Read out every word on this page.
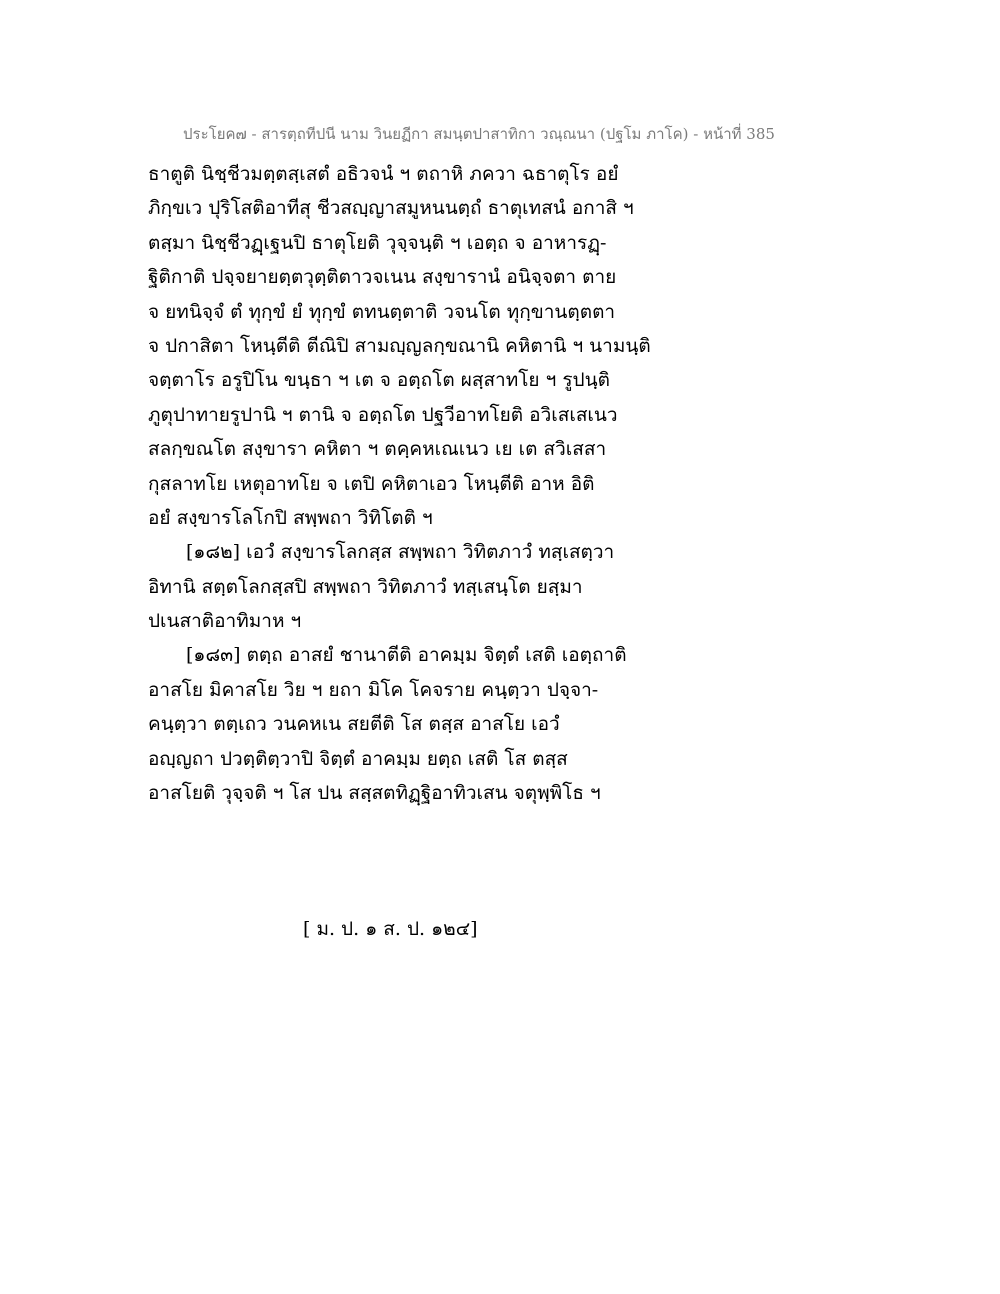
ประโยค๗ - สารตฺถทีปนี นาม วินยฏีกา สมนฺตปาสาทิกา วณฺณนา (ปฐโม ภาโค) - หน้าที่ 385
ธาตูติ นิชฺชีวมตฺตสฺเสตํ อธิวจนํ ฯ ตถาหิ ภควา ฉธาตุโร อยํ
ภิกฺขเว ปุริโสติอาทีสุ ชีวสญฺญาสมูหนนตฺถํ ธาตุเทสนํ อกาสิ ฯ
ตสฺมา นิชฺชีวฏฺเฐนปิ ธาตุโยติ วุจฺจนฺติ ฯ เอตฺถ จ อาหารฏฺ-
ฐิติกาติ ปจฺจยายตฺตวุตฺติตาวจเนน สงฺขารานํ อนิจฺจตา ตาย
จ ยทนิจฺจํ ตํ ทุกฺขํ ยํ ทุกฺขํ ตทนตฺตาติ วจนโต ทุกฺขานตฺตตา
จ ปกาสิตา โหนฺตีติ ตีณิปิ สามญฺญลกฺขณานิ คหิตานิ ฯ นามนฺติ
จตฺตาโร อรูปิโน ขนฺธา ฯ เต จ อตฺถโต ผสฺสาทโย ฯ รูปนฺติ
ภูตุปาทายรูปานิ ฯ ตานิ จ อตฺถโต ปฐวีอาทโยติ อวิเสเสเนว
สลกฺขณโต สงฺขารา คหิตา ฯ ตคฺคหเณเนว เย เต สวิเสสา
กุสลาทโย เหตุอาทโย จ เตปิ คหิตาเอว โหนฺตีติ อาห อิติ
อยํ สงฺขารโลโกปิ สพฺพถา วิทิโตติ ฯ
[๑๘๒] เอวํ สงฺขารโลกสฺส สพฺพถา วิทิตภาวํ ทสฺเสตฺวา
อิทานิ สตฺตโลกสฺสปิ สพฺพถา วิทิตภาวํ ทสฺเสนฺโต ยสฺมา
ปเนสาติอาทิมาห ฯ
[๑๘๓] ตตฺถ อาสยํ ชานาตีติ อาคมฺม จิตฺตํ เสติ เอตฺถาติ
อาสโย มิคาสโย วิย ฯ ยถา มิโค โคจราย คนฺตฺวา ปจฺจา-
คนฺตฺวา ตตฺเถว วนคหเน สยตีติ โส ตสฺส อาสโย เอวํ
อญฺญถา ปวตฺติตฺวาปิ จิตฺตํ อาคมฺม ยตฺถ เสติ โส ตสฺส
อาสโยติ วุจฺจติ ฯ โส ปน สสฺสตทิฏฺฐิอาทิวเสน จตุพฺพิโธ ฯ
[ ม. ป. ๑ ส. ป. ๑๒๔]
